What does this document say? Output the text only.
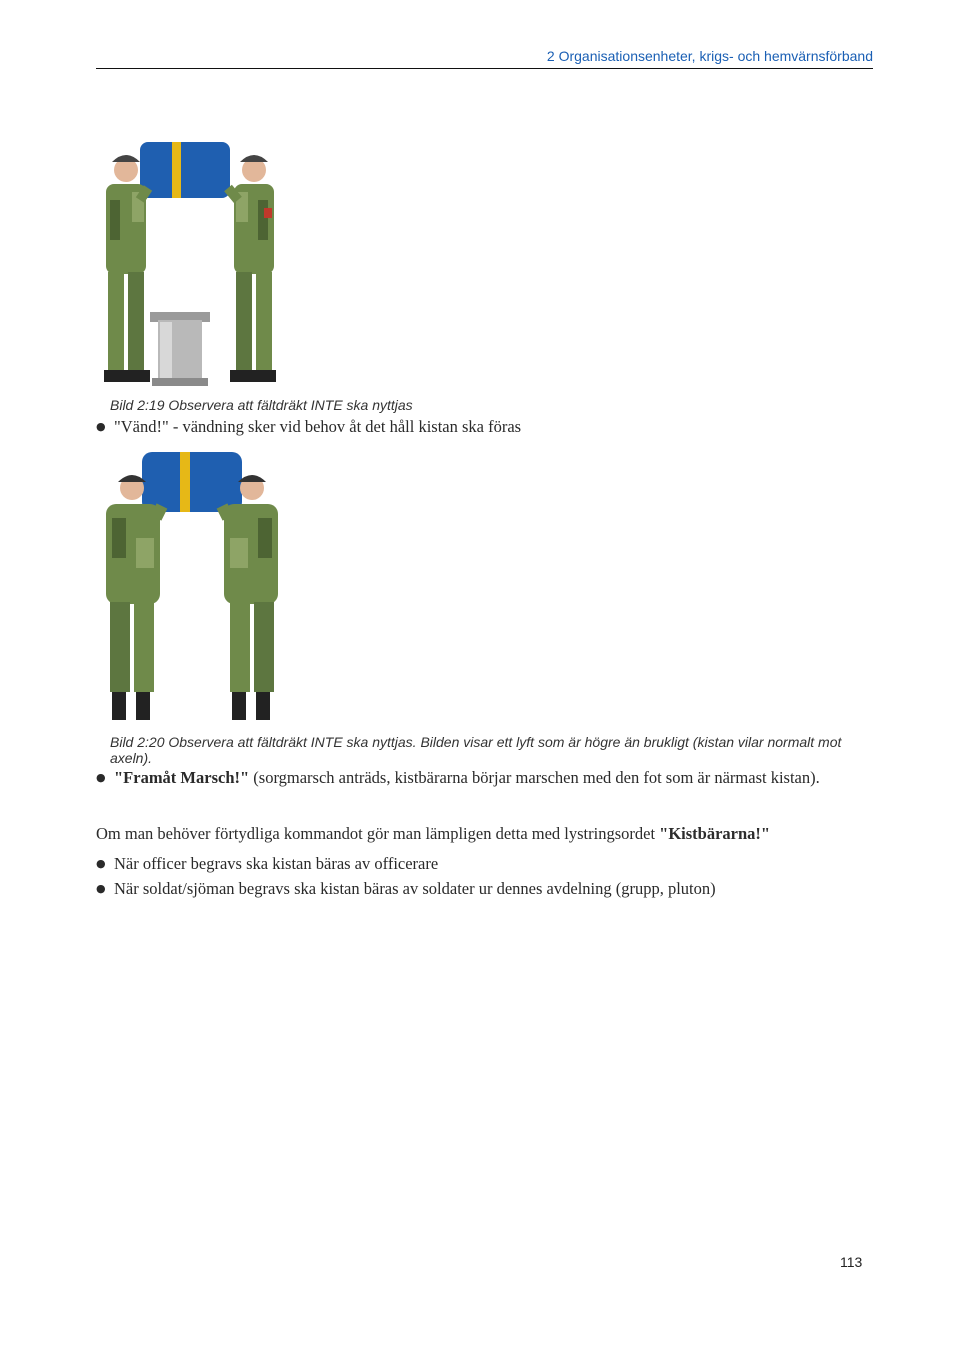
2 Organisationsenheter, krigs- och hemvärnsförband
Bild 2:19 Observera att fältdräkt INTE ska nyttjas
● "Vänd!" - vändning sker vid behov åt det håll kistan ska föras
Bild 2:20 Observera att fältdräkt INTE ska nyttjas. Bilden visar ett lyft som är högre än brukligt (kistan vilar normalt mot axeln).
● "Framåt Marsch!" (sorgmarsch anträds, kistbärarna börjar marschen med den fot som är närmast kistan).
Om man behöver förtydliga kommandot gör man lämpligen detta med lystringsordet "Kistbärarna!"
● När officer begravs ska kistan bäras av officerare
● När soldat/sjöman begravs ska kistan bäras av soldater ur dennes avdelning (grupp, pluton)
113
